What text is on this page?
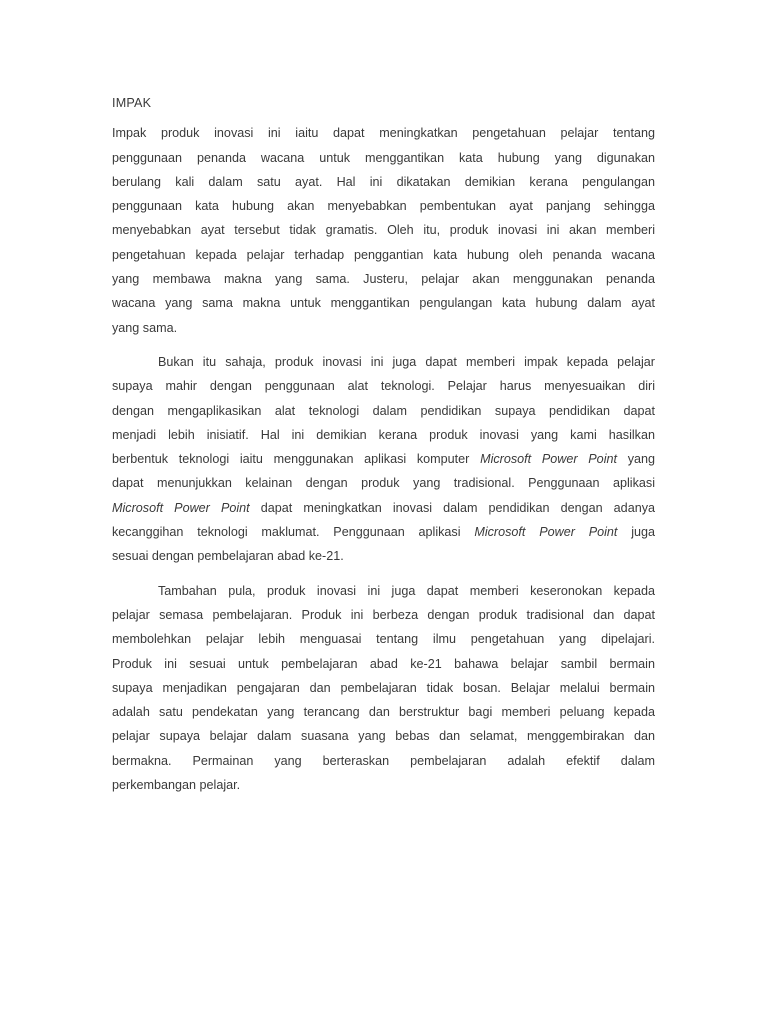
IMPAK
Impak produk inovasi ini iaitu dapat meningkatkan pengetahuan pelajar tentang
penggunaan penanda wacana untuk menggantikan kata hubung yang digunakan
berulang kali dalam satu ayat. Hal ini dikatakan demikian kerana pengulangan
penggunaan kata hubung akan menyebabkan pembentukan ayat panjang sehingga
menyebabkan ayat tersebut tidak gramatis. Oleh itu, produk inovasi ini akan memberi
pengetahuan kepada pelajar terhadap penggantian kata hubung oleh penanda wacana
yang membawa makna yang sama. Justeru, pelajar akan menggunakan penanda
wacana yang sama makna untuk menggantikan pengulangan kata hubung dalam ayat
yang sama.
Bukan itu sahaja, produk inovasi ini juga dapat memberi impak kepada pelajar
supaya mahir dengan penggunaan alat teknologi. Pelajar harus menyesuaikan diri
dengan mengaplikasikan alat teknologi dalam pendidikan supaya pendidikan dapat
menjadi lebih inisiatif. Hal ini demikian kerana produk inovasi yang kami hasilkan
berbentuk teknologi iaitu menggunakan aplikasi komputer Microsoft Power Point yang
dapat menunjukkan kelainan dengan produk yang tradisional. Penggunaan aplikasi
Microsoft Power Point dapat meningkatkan inovasi dalam pendidikan dengan adanya
kecanggihan teknologi maklumat. Penggunaan aplikasi Microsoft Power Point juga
sesuai dengan pembelajaran abad ke-21.
Tambahan pula, produk inovasi ini juga dapat memberi keseronokan kepada
pelajar semasa pembelajaran. Produk ini berbeza dengan produk tradisional dan dapat
membolehkan pelajar lebih menguasai tentang ilmu pengetahuan yang dipelajari.
Produk ini sesuai untuk pembelajaran abad ke-21 bahawa belajar sambil bermain
supaya menjadikan pengajaran dan pembelajaran tidak bosan. Belajar melalui bermain
adalah satu pendekatan yang terancang dan berstruktur bagi memberi peluang kepada
pelajar supaya belajar dalam suasana yang bebas dan selamat, menggembirakan dan
bermakna. Permainan yang berteraskan pembelajaran adalah efektif dalam
perkembangan pelajar.
